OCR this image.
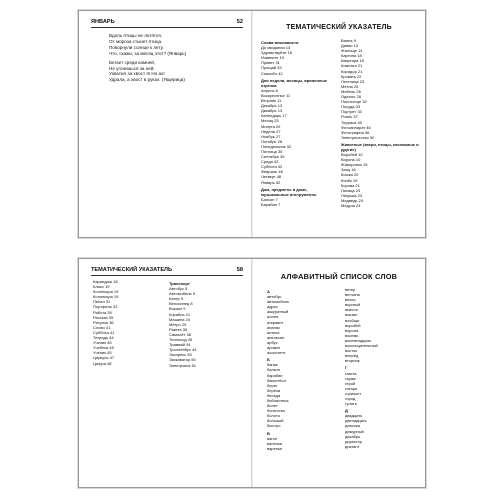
ЯНВАРЬ	52

Вдоль птицы не летятся,
От мороза стынет птица.
Поворнули солнце к лету.
Что, скажи, за месяц этот? (Январь)

Бегает среди камней,
Не угонишься за ней.
Ухватил за хвост я! Но ах!
Удрала, а хвост в руках. (Ящерица)

ТЕМАТИЧЕСКИЙ УКАЗАТЕЛЬ
Слова вежливости
До свидания 14
Здравствуйте 16
Извините 19
Привет 31
Прощай 33
Спасибо 42
Дни недели, месяцы, временные отрезки
Апрель 6
Воскресенье 11
Вторник 11
Декабрь 13
Дикабрь 13
Календарь 17
Месяц 25
Минута 29
Неделя 27
Ноябрь 27
Октябрь 28
Понедельник 32
Пятница 35
Сентябрь 39
Среда 42
Суббота 42
Февраль 46
Четверг 48
Январь 52
Дом, предметы в доме, музыкальные инструменты
Балкон 7
Барабан 7
Ванна 9
Диван 13
Жилище 14
Картина 18
Квартира 18
Комната 21
Коридор 21
Кровать 22
Лестница 23
Метла 25
Мебель 26
Одеяло 28
Полотенце 32
Посуда 33
Портрет 33
Рояль 37
Терраса 45
Фотоаппарат 46
Фотография 46
Электричество 50
Животные (звери, птицы, насекомые и другие)
Воробей 10
Ворона 10
Жаворонок 15
Заяц 16
Кошка 20
Конёк 19
Корова 21
Лисица 23
Лягушка 23
Медведь 24
Медуза 24
ТЕМАТИЧЕСКИЙ УКАЗАТЕЛЬ	58
Карандаш 18
Класс 19
Коллекция 19
Коллекция 19
Пенал 31
Портфель 33
Работа 35
Рассказ 35
Рисунок 36
Слово 41
Суббота 41
Тетрадь 44
Ученик 45
Учебник 45
Ученик 45
Циркуль 47
Цифра 48
Транспорт
Автобус 5
Автомобиль 5
Катер 5
Велосипед 8
Вокзал 9
Корабль 21
Машина 24
Метро 25
Ракета 35
Самолёт 38
Теплоход 45
Трамвай 44
Троллейбус 44
Экспресс 50
Экскаватор 50
Электровоз 51
АЛФАВИТНЫЙ СПИСОК СЛОВ
А
автобус
автомобиль
адрес
аккуратный
аллея
алфавит
ананас
аптека
апельсин
арбуз
аромат
ассистент
Б
багаж
балкон
барабан
баскетбол
берег
берёза
беседа
библиотека
билет
богатство
болото
большой
быстро
В
вагон
валенки
варенье
ветер
ветчина
вечер
вкусный
вместе
вокзал
вообще
воробей
ворона
восемь
восемнадцать
восклицательный
восток
вперёд
вторник
Г
газета
гараж
герой
гитара
горизонт
город
гулять
Д
двадцать
двенадцать
девочка
дежурный
декабрь
директор
диктант
